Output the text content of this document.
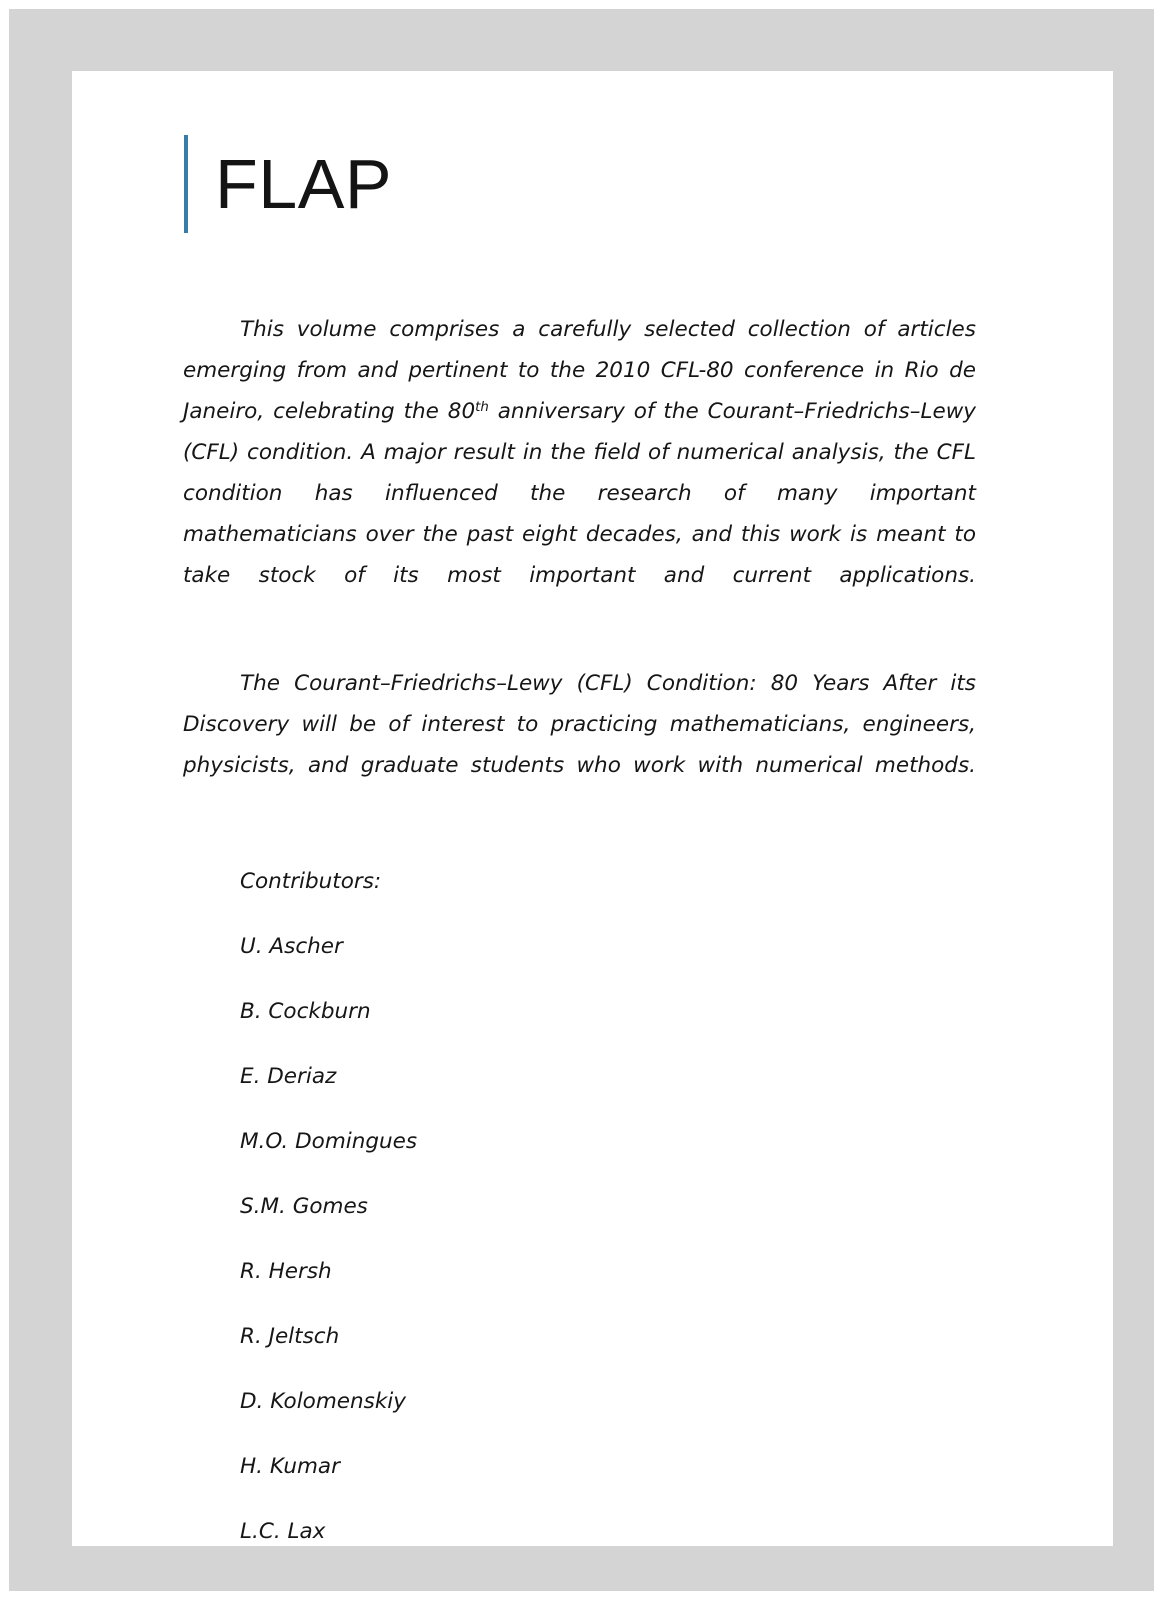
FLAP

This volume comprises a carefully selected collection of articles emerging from and pertinent to the 2010 CFL-80 conference in Rio de Janeiro, celebrating the 80th anniversary of the Courant–Friedrichs–Lewy (CFL) condition. A major result in the field of numerical analysis, the CFL condition has influenced the research of many important mathematicians over the past eight decades, and this work is meant to take stock of its most important and current applications.

The Courant–Friedrichs–Lewy (CFL) Condition: 80 Years After its Discovery will be of interest to practicing mathematicians, engineers, physicists, and graduate students who work with numerical methods.

Contributors:
U. Ascher
B. Cockburn
E. Deriaz
M.O. Domingues
S.M. Gomes
R. Hersh
R. Jeltsch
D. Kolomenskiy
H. Kumar
L.C. Lax
